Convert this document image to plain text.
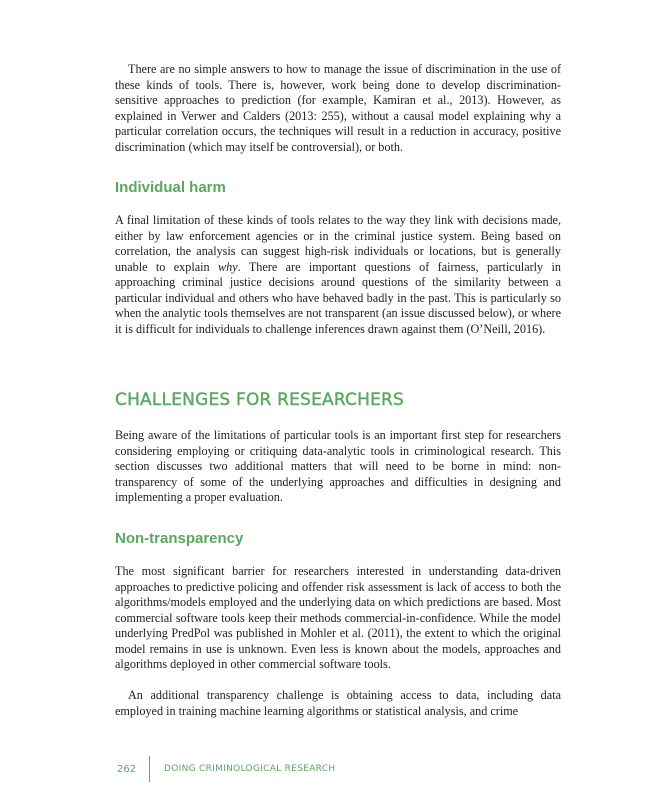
There are no simple answers to how to manage the issue of discrimination in the use of these kinds of tools. There is, however, work being done to develop discrimination-sensitive approaches to prediction (for example, Kamiran et al., 2013). However, as explained in Verwer and Calders (2013: 255), without a causal model explaining why a particular correlation occurs, the techniques will result in a reduction in accuracy, positive discrimination (which may itself be controversial), or both.

Individual harm

A final limitation of these kinds of tools relates to the way they link with decisions made, either by law enforcement agencies or in the criminal justice system. Being based on correlation, the analysis can suggest high-risk individuals or locations, but is generally unable to explain why. There are important questions of fairness, particularly in approaching criminal justice decisions around questions of the similarity between a particular individual and others who have behaved badly in the past. This is particularly so when the analytic tools themselves are not transparent (an issue discussed below), or where it is difficult for individuals to challenge inferences drawn against them (O’Neill, 2016).

CHALLENGES FOR RESEARCHERS

Being aware of the limitations of particular tools is an important first step for researchers considering employing or critiquing data-analytic tools in criminological research. This section discusses two additional matters that will need to be borne in mind: non-transparency of some of the underlying approaches and difficulties in designing and implementing a proper evaluation.

Non-transparency

The most significant barrier for researchers interested in understanding data-driven approaches to predictive policing and offender risk assessment is lack of access to both the algorithms/models employed and the underlying data on which predictions are based. Most commercial software tools keep their methods commercial-in-confidence. While the model underlying PredPol was published in Mohler et al. (2011), the extent to which the original model remains in use is unknown. Even less is known about the models, approaches and algorithms deployed in other commercial software tools.

An additional transparency challenge is obtaining access to data, including data employed in training machine learning algorithms or statistical analysis, and crime

262	DOING CRIMINOLOGICAL RESEARCH
